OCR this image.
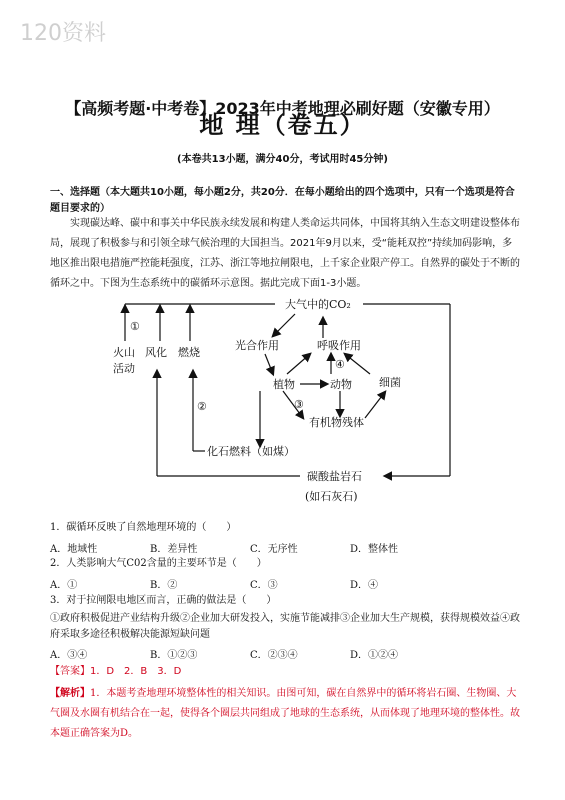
120资料
【高频考题·中考卷】2023年中考地理必刷好题（安徽专用）
地 理（卷五）
(本卷共13小题，满分40分，考试用时45分钟)
一、选择题（本大题共10小题，每小题2分，共20分．在每小题给出的四个选项中，只有一个选项是符合题目要求的）
实现碳达峰、碳中和事关中华民族永续发展和构建人类命运共同体，中国将其纳入生态文明建设整体布局，展现了积极参与和引领全球气候治理的大国担当。2021年9月以来，受“能耗双控”持续加码影响，多地区推出限电措施严控能耗强度，江苏、浙江等地拉闸限电，上千家企业限产停工。自然界的碳处于不断的循环之中。下图为生态系统中的碳循环示意图。据此完成下面1-3小题。
大气中的CO₂
①
火山
活动
风化 燃烧
光合作用	呼吸作用
④
植物	动物 细菌
③
②
有机物残体
化石燃料（如煤）
碳酸盐岩石
(如石灰石)
1．碳循环反映了自然地理环境的（　　）
A．地域性	B．差异性	C．无序性	D．整体性
2．人类影响大气C02含量的主要环节是（　　）
A．①	B．②	C．③	D．④
3．对于拉闸限电地区而言，正确的做法是（　　）
①政府积极促进产业结构升级②企业加大研发投入，实施节能减排③企业加大生产规模，获得规模效益④政府采取多途径积极解决能源短缺问题
A．③④	B．①②③	C．②③④	D．①②④
【答案】1．D　2．B　3．D
【解析】1．本题考查地理环境整体性的相关知识。由图可知，碳在自然界中的循环将岩石圈、生物圈、大气圈及水圈有机结合在一起，使得各个圈层共同组成了地球的生态系统，从而体现了地理环境的整体性。故本题正确答案为D。
